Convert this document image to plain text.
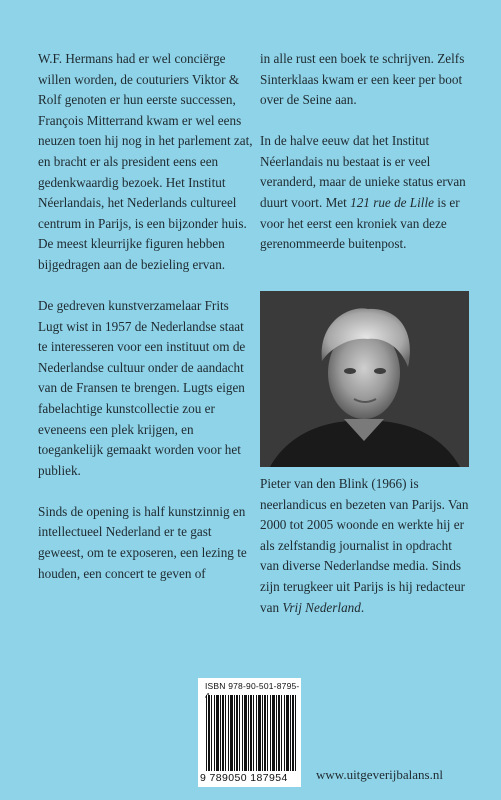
W.F. Hermans had er wel conciërge willen worden, de couturiers Viktor & Rolf genoten er hun eerste successen, François Mitterrand kwam er wel eens neuzen toen hij nog in het parlement zat, en bracht er als president eens een gedenkwaardig bezoek. Het Institut Néerlandais, het Nederlands cultureel centrum in Parijs, is een bijzonder huis. De meest kleurrijke figuren hebben bijgedragen aan de bezieling ervan.

De gedreven kunstverzamelaar Frits Lugt wist in 1957 de Nederlandse staat te interesseren voor een instituut om de Nederlandse cultuur onder de aandacht van de Fransen te brengen. Lugts eigen fabelachtige kunstcollectie zou er eveneens een plek krijgen, en toegankelijk gemaakt worden voor het publiek.

Sinds de opening is half kunstzinnig en intellectueel Nederland er te gast geweest, om te exposeren, een lezing te houden, een concert te geven of

in alle rust een boek te schrijven. Zelfs Sinterklaas kwam er een keer per boot over de Seine aan.

In de halve eeuw dat het Institut Néerlandais nu bestaat is er veel veranderd, maar de unieke status ervan duurt voort. Met 121 rue de Lille is er voor het eerst een kroniek van deze gerenommeerde buitenpost.

Pieter van den Blink (1966) is neerlandicus en bezeten van Parijs. Van 2000 tot 2005 woonde en werkte hij er als zelfstandig journalist in opdracht van diverse Nederlandse media. Sinds zijn terugkeer uit Parijs is hij redacteur van Vrij Nederland.

ISBN 978-90-501-8795-
9 789050 187954	www.uitgeverijbalans.nl
